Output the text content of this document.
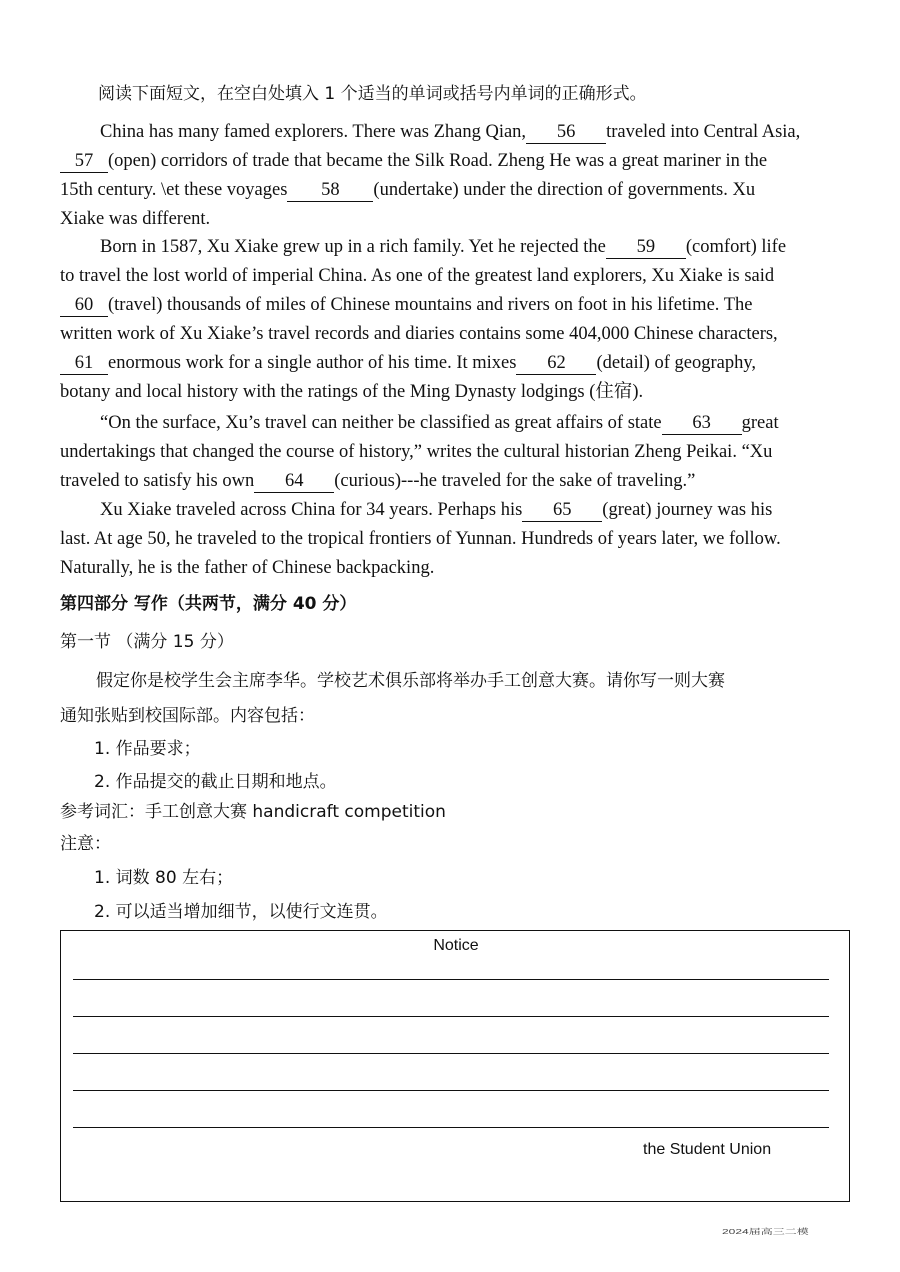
阅读下面短文，在空白处填入 1 个适当的单词或括号内单词的正确形式。
China has many famed explorers. There was Zhang Qian, 56 traveled into Central Asia,
57 (open) corridors of trade that became the Silk Road. Zheng He was a great mariner in the
15th century. \et these voyages 58 (undertake) under the direction of governments. Xu
Xiake was different.
Born in 1587, Xu Xiake grew up in a rich family. Yet he rejected the 59 (comfort) life
to travel the lost world of imperial China. As one of the greatest land explorers, Xu Xiake is said
60 (travel) thousands of miles of Chinese mountains and rivers on foot in his lifetime. The
written work of Xu Xiake’s travel records and diaries contains some 404,000 Chinese characters,
61 enormous work for a single author of his time. It mixes 62 (detail) of geography,
botany and local history with the ratings of the Ming Dynasty lodgings (住宿).
“On the surface, Xu’s travel can neither be classified as great affairs of state 63 great
undertakings that changed the course of history,” writes the cultural historian Zheng Peikai. “Xu
traveled to satisfy his own 64 (curious)---he traveled for the sake of traveling.”
Xu Xiake traveled across China for 34 years. Perhaps his 65 (great) journey was his
last. At age 50, he traveled to the tropical frontiers of Yunnan. Hundreds of years later, we follow.
Naturally, he is the father of Chinese backpacking.
第四部分 写作（共两节，满分 40 分）
第一节 （满分 15 分）
假定你是校学生会主席李华。学校艺术俱乐部将举办手工创意大赛。请你写一则大赛
通知张贴到校国际部。内容包括：
1. 作品要求；
2. 作品提交的截止日期和地点。
参考词汇：手工创意大赛 handicraft competition
注意：
1. 词数 80 左右；
2. 可以适当增加细节，以使行文连贯。
Notice
the Student Union
2024届高三二模
